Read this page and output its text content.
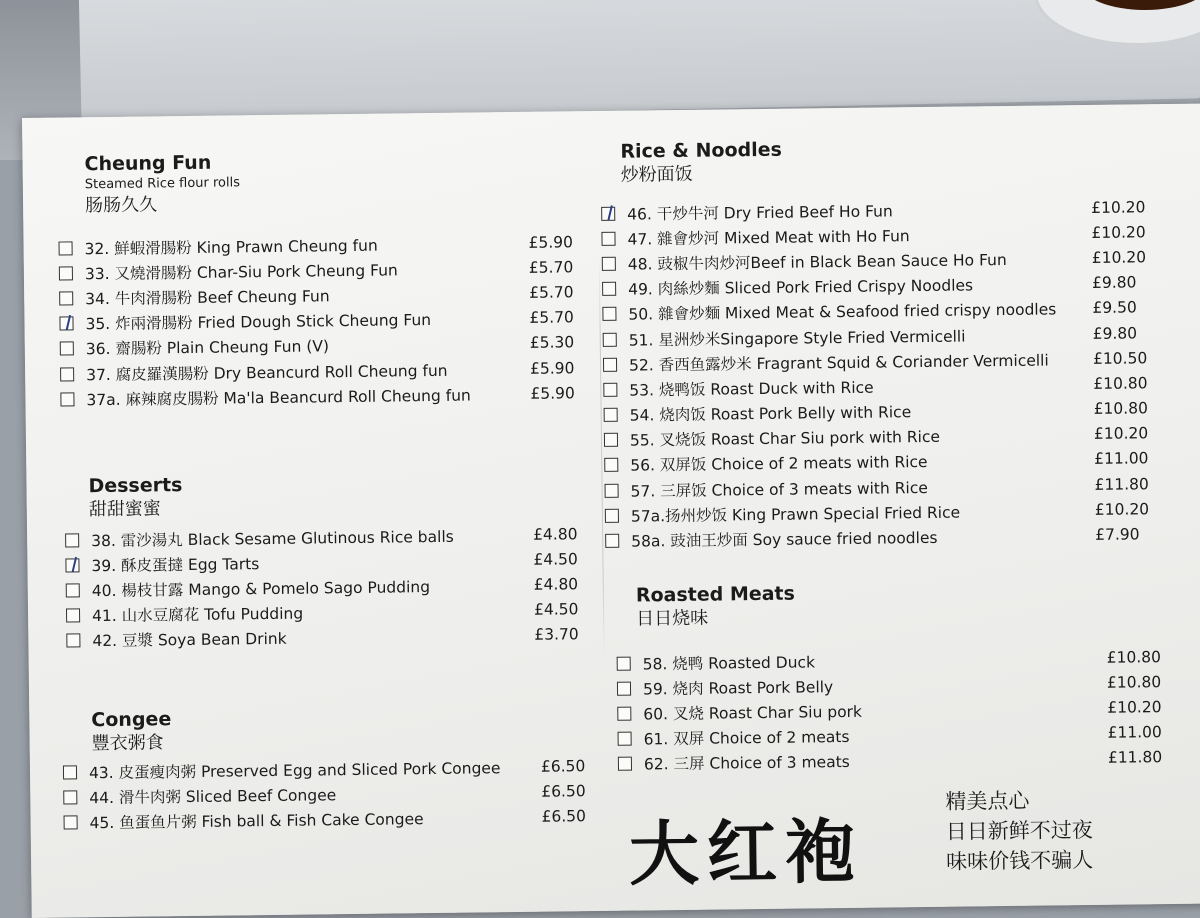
Cheung Fun
Steamed Rice flour rolls
肠肠久久
32. 鮮蝦滑腸粉 King Prawn Cheung fun	£5.90
33. 又燒滑腸粉 Char-Siu Pork Cheung Fun	£5.70
34. 牛肉滑腸粉 Beef Cheung Fun	£5.70
35. 炸兩滑腸粉 Fried Dough Stick Cheung Fun	£5.70
36. 齋腸粉 Plain Cheung Fun (V)	£5.30
37. 腐皮羅漢腸粉 Dry Beancurd Roll Cheung fun	£5.90
37a. 麻辣腐皮腸粉 Ma'la Beancurd Roll Cheung fun	£5.90
Desserts
甜甜蜜蜜
38. 雷沙湯丸 Black Sesame Glutinous Rice balls	£4.80
39. 酥皮蛋撻 Egg Tarts	£4.50
40. 楊枝甘露 Mango & Pomelo Sago Pudding	£4.80
41. 山水豆腐花 Tofu Pudding	£4.50
42. 豆漿 Soya Bean Drink	£3.70
Congee
豐衣粥食
43. 皮蛋瘦肉粥 Preserved Egg and Sliced Pork Congee	£6.50
44. 滑牛肉粥 Sliced Beef Congee	£6.50
45. 鱼蛋鱼片粥 Fish ball & Fish Cake Congee	£6.50
Rice & Noodles
炒粉面饭
46. 干炒牛河 Dry Fried Beef Ho Fun	£10.20
47. 雜會炒河 Mixed Meat with Ho Fun	£10.20
48. 豉椒牛肉炒河Beef in Black Bean Sauce Ho Fun	£10.20
49. 肉絲炒麵 Sliced Pork Fried Crispy Noodles	£9.80
50. 雜會炒麵 Mixed Meat & Seafood fried crispy noodles £9.50
51. 星洲炒米Singapore Style Fried Vermicelli	£9.80
52. 香西鱼露炒米 Fragrant Squid & Coriander Vermicelli	£10.50
53. 烧鸭饭 Roast Duck with Rice	£10.80
54. 烧肉饭 Roast Pork Belly with Rice	£10.80
55. 叉烧饭 Roast Char Siu pork with Rice	£10.20
56. 双屏饭 Choice of 2 meats with Rice	£11.00
57. 三屏饭 Choice of 3 meats with Rice	£11.80
57a.扬州炒饭 King Prawn Special Fried Rice	£10.20
58a. 豉油王炒面 Soy sauce fried noodles	£7.90
Roasted Meats
日日烧味
58. 烧鸭 Roasted Duck	£10.80
59. 烧肉 Roast Pork Belly	£10.80
60. 叉烧 Roast Char Siu pork	£10.20
61. 双屏 Choice of 2 meats	£11.00
62. 三屏 Choice of 3 meats	£11.80
大红袍
精美点心
日日新鲜不过夜
味味价钱不骗人
